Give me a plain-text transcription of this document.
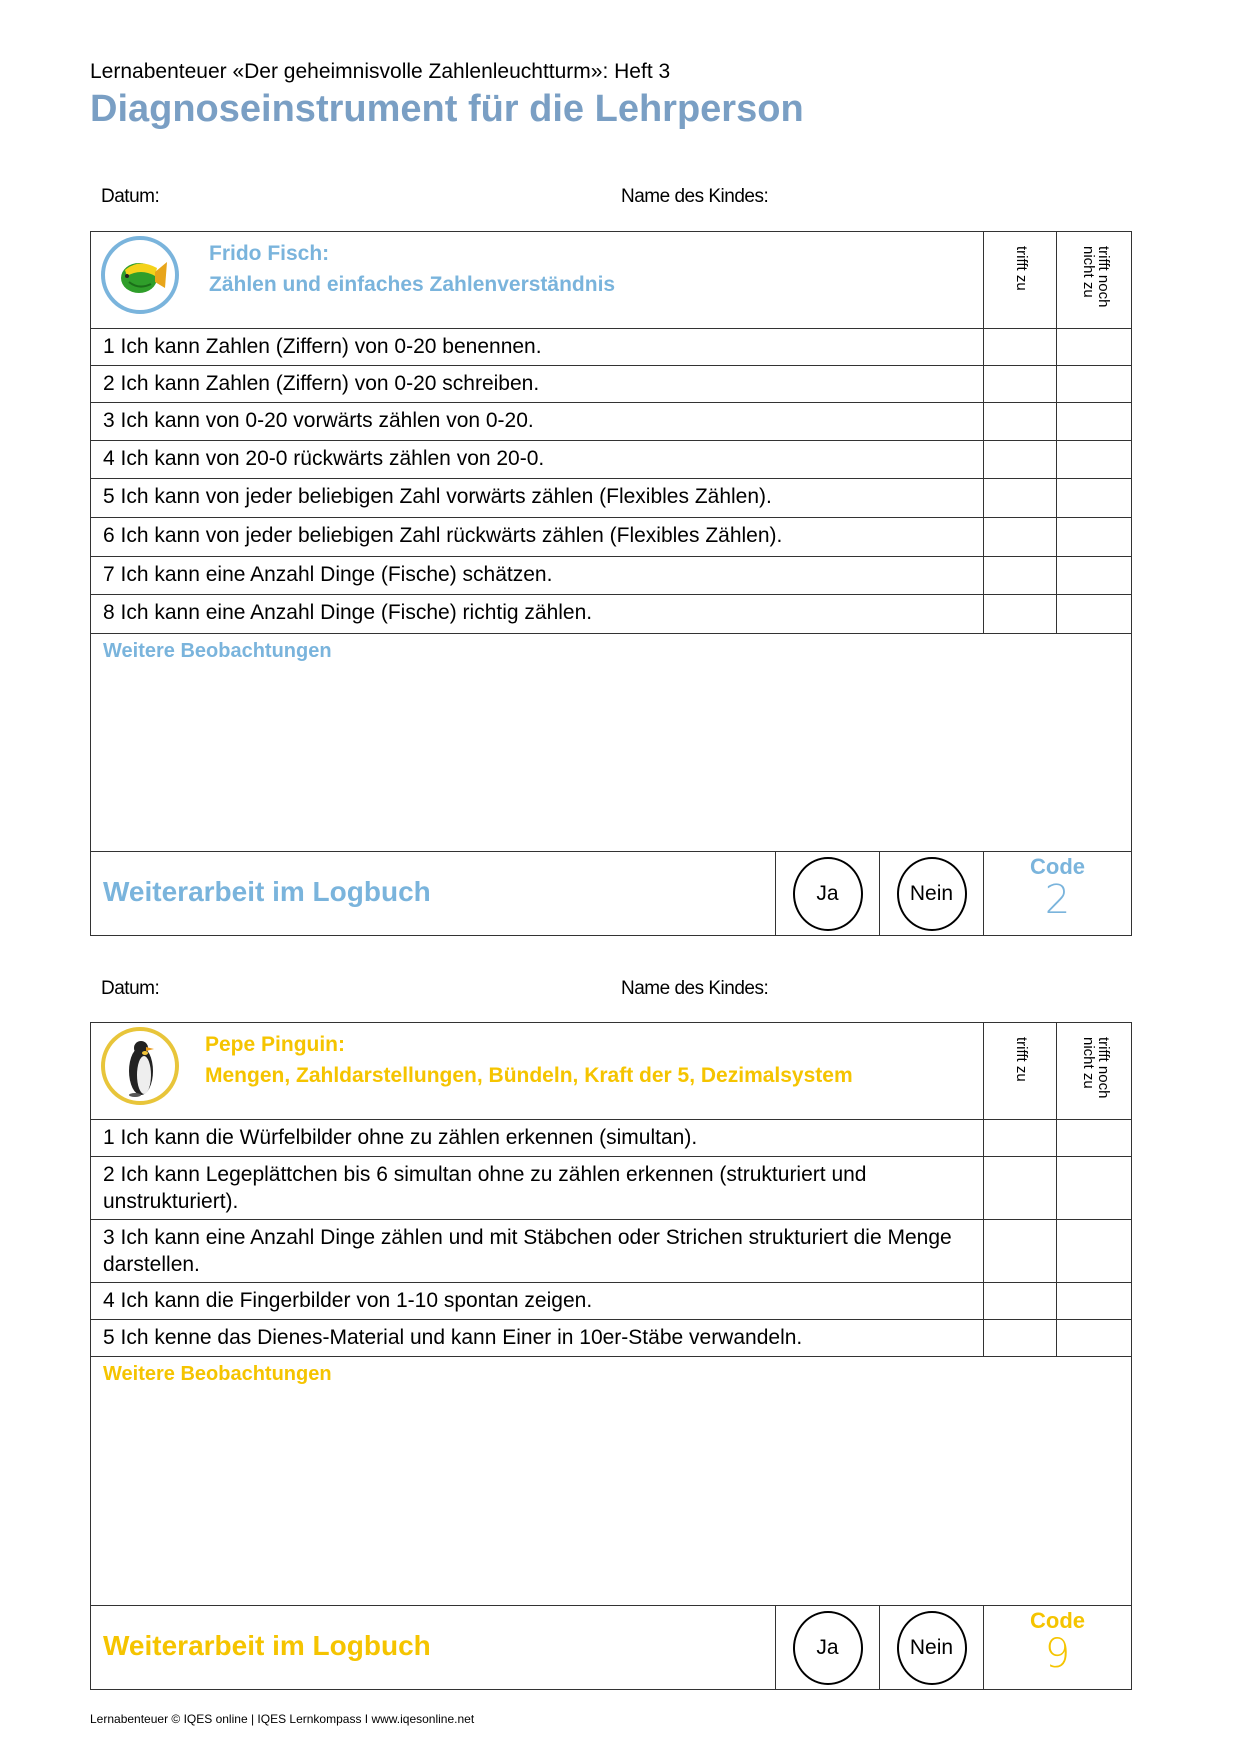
Lernabenteuer «Der geheimnisvolle Zahlenleuchtturm»: Heft 3
Diagnoseinstrument für die Lehrperson
Datum:	Name des Kindes:
Frido Fisch:
Zählen und einfaches Zahlenverständnis	trifft zu	trifft noch nicht zu
1 Ich kann Zahlen (Ziffern) von 0-20 benennen.
2 Ich kann Zahlen (Ziffern) von 0-20 schreiben.
3 Ich kann von 0-20 vorwärts zählen von 0-20.
4 Ich kann von 20-0 rückwärts zählen von 20-0.
5 Ich kann von jeder beliebigen Zahl vorwärts zählen (Flexibles Zählen).
6 Ich kann von jeder beliebigen Zahl rückwärts zählen (Flexibles Zählen).
7 Ich kann eine Anzahl Dinge (Fische) schätzen.
8 Ich kann eine Anzahl Dinge (Fische) richtig zählen.
Weitere Beobachtungen
Weiterarbeit im Logbuch	Ja	Nein
Code
2
Datum:	Name des Kindes:
Pepe Pinguin:
Mengen, Zahldarstellungen, Bündeln, Kraft der 5, Dezimalsystem	trifft zu	trifft noch nicht zu
1 Ich kann die Würfelbilder ohne zu zählen erkennen (simultan).
2 Ich kann Legeplättchen bis 6 simultan ohne zu zählen erkennen (strukturiert und unstrukturiert).
3 Ich kann eine Anzahl Dinge zählen und mit Stäbchen oder Strichen strukturiert die Menge darstellen.
4 Ich kann die Fingerbilder von 1-10 spontan zeigen.
5 Ich kenne das Dienes-Material und kann Einer in 10er-Stäbe verwandeln.
Weitere Beobachtungen
Weiterarbeit im Logbuch	Ja	Nein
Code
9
Lernabenteuer © IQES online | IQES Lernkompass I www.iqesonline.net
